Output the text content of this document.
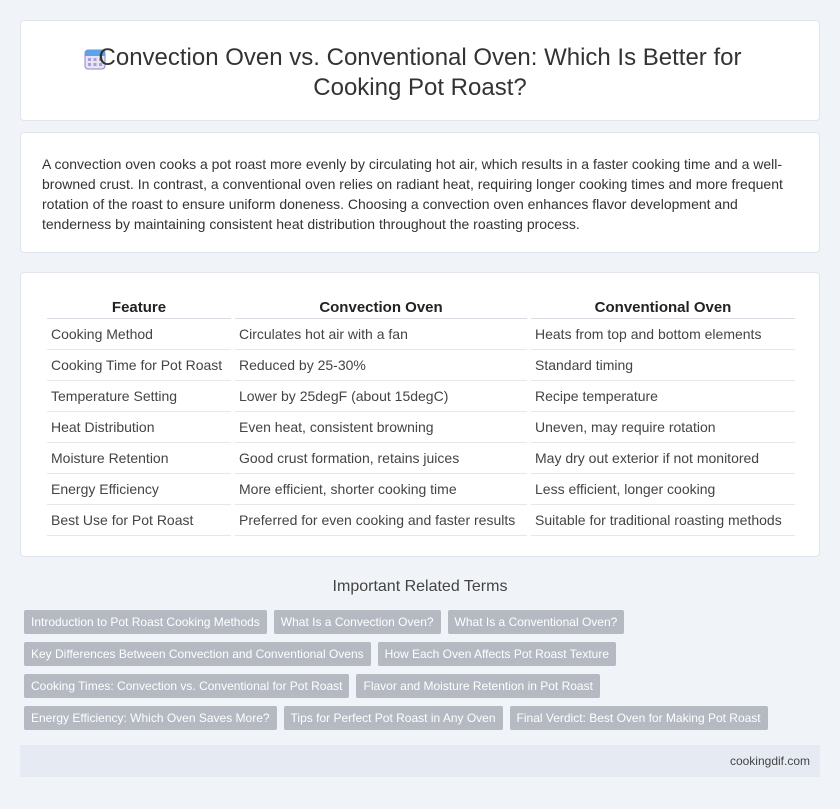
Convection Oven vs. Conventional Oven: Which Is Better for Cooking Pot Roast?

A convection oven cooks a pot roast more evenly by circulating hot air, which results in a faster cooking time and a well-browned crust. In contrast, a conventional oven relies on radiant heat, requiring longer cooking times and more frequent rotation of the roast to ensure uniform doneness. Choosing a convection oven enhances flavor development and tenderness by maintaining consistent heat distribution throughout the roasting process.

Feature	Convection Oven	Conventional Oven
Cooking Method	Circulates hot air with a fan	Heats from top and bottom elements
Cooking Time for Pot Roast	Reduced by 25-30%	Standard timing
Temperature Setting	Lower by 25degF (about 15degC)	Recipe temperature
Heat Distribution	Even heat, consistent browning	Uneven, may require rotation
Moisture Retention	Good crust formation, retains juices	May dry out exterior if not monitored
Energy Efficiency	More efficient, shorter cooking time	Less efficient, longer cooking
Best Use for Pot Roast	Preferred for even cooking and faster results	Suitable for traditional roasting methods
Important Related Terms
Introduction to Pot Roast Cooking Methods	What Is a Convection Oven?	What Is a Conventional Oven?
Key Differences Between Convection and Conventional Ovens	How Each Oven Affects Pot Roast Texture
Cooking Times: Convection vs. Conventional for Pot Roast	Flavor and Moisture Retention in Pot Roast
Energy Efficiency: Which Oven Saves More?	Tips for Perfect Pot Roast in Any Oven	Final Verdict: Best Oven for Making Pot Roast
cookingdif.com
